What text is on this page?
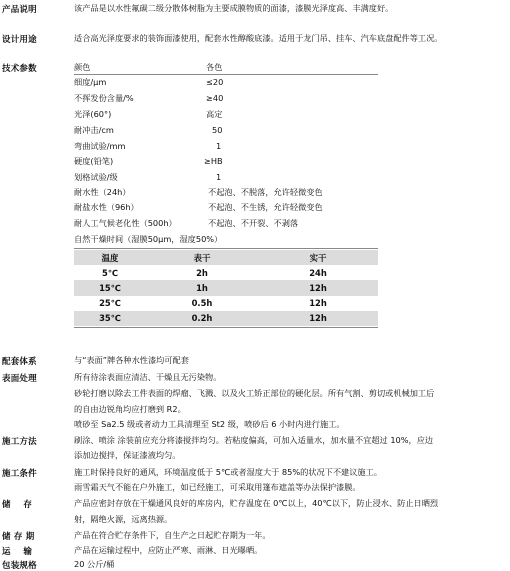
产品说明	该产品是以水性氟碳二级分散体树脂为主要成膜物质的面漆，漆膜光泽度高、丰满度好。
设计用途	适合高光泽度要求的装饰面漆使用，配套水性醇酸底漆。适用于龙门吊、挂车、汽车底盘配件等工况。
技术参数	颜色	各色
细度/μm	≤20
不挥发份含量/%	≥40
光泽(60°)	高定
耐冲击/cm	50
弯曲试验/mm	1
硬度(铅笔)	≥HB
划格试验/级	1
耐水性（24h）	不起泡、不脱落，允许轻微变色
耐盐水性（96h）	不起泡、不生锈，允许轻微变色
耐人工气候老化性（500h）	不起泡、不开裂、不剥落
自然干燥时间（湿膜50μm，湿度50%）
温度	表干	实干
5℃	2h	24h
15℃	1h	12h
25℃	0.5h	12h
35℃	0.2h	12h
配套体系	与“表面”牌各种水性漆均可配套
表面处理	所有待涂表面应清洁、干燥且无污染物。
砂轮打磨以除去工件表面的焊瘤、飞溅、以及火工矫正部位的硬化层。所有气割、剪切或机械加工后
的自由边锐角均应打磨到 R2。
喷砂至 Sa2.5 级或者动力工具清理至 St2 级，喷砂后 6 小时内进行施工。
施工方法	刷涂、喷涂 涂装前应充分将漆搅拌均匀。若粘度偏高，可加入适量水，加水量不宜超过 10%，应边
添加边搅拌，保证漆液均匀。
施工条件	施工时保持良好的通风，环境温度低于 5℃或者湿度大于 85%的状况下不建议施工。
雨雪霜天气不能在户外施工，如已经施工，可采取用篷布遮盖等办法保护漆膜。
储    存	产品应密封存放在干燥通风良好的库房内，贮存温度在 0℃以上，40℃以下，防止浸水、防止日晒烈
射，隔绝火源，远离热源。
储 存 期	产品在符合贮存条件下，自生产之日起贮存期为一年。
运    输	产品在运输过程中，应防止严寒、雨淋、日光曝晒。
包装规格	20 公斤/桶
